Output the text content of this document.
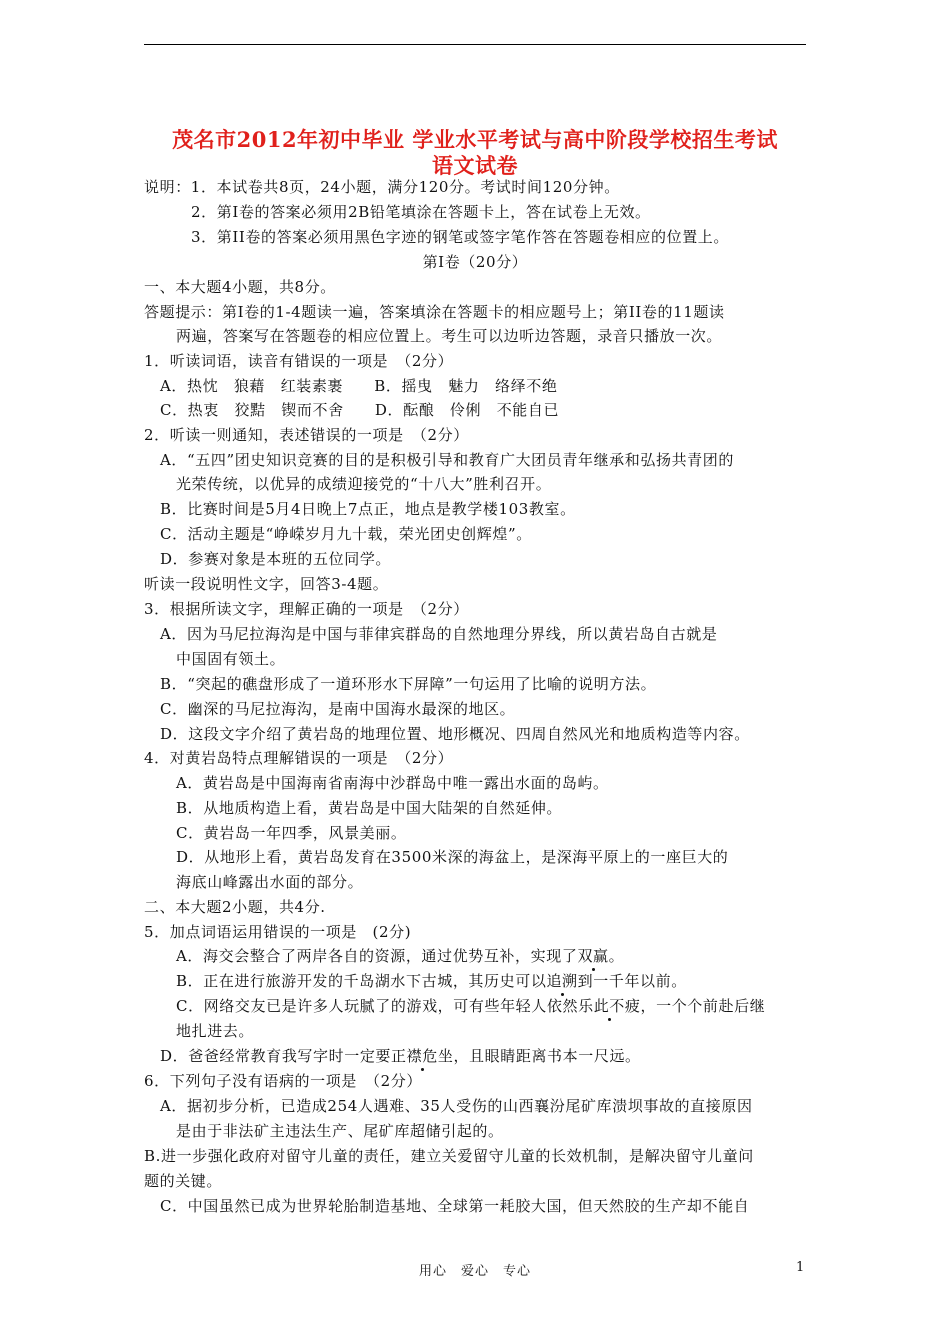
茂名市2012年初中毕业 学业水平考试与高中阶段学校招生考试
语文试卷
说明：1．本试卷共8页，24小题，满分120分。考试时间120分钟。
2．第Ⅰ卷的答案必须用2B铅笔填涂在答题卡上，答在试卷上无效。
3．第II卷的答案必须用黑色字迹的钢笔或签字笔作答在答题卷相应的位置上。
第Ⅰ卷（20分）
一、本大题4小题，共8分。
答题提示：第Ⅰ卷的1-4题读一遍，答案填涂在答题卡的相应题号上；第II卷的11题读
两遍，答案写在答题卷的相应位置上。考生可以边听边答题，录音只播放一次。
1．听读词语，读音有错误的一项是　（2分）
A．热忱　狼藉　红装素裹　　B．摇曳　魅力　络绎不绝
C．热衷　狡黠　锲而不舍　　D．酝酿　伶俐　不能自已
2．听读一则通知，表述错误的一项是　（2分）
A．“五四”团史知识竞赛的目的是积极引导和教育广大团员青年继承和弘扬共青团的
光荣传统，以优异的成绩迎接党的“十八大”胜利召开。
B．比赛时间是5月4日晚上7点正，地点是教学楼103教室。
C．活动主题是“峥嵘岁月九十载，荣光团史创辉煌”。
D．参赛对象是本班的五位同学。
听读一段说明性文字，回答3-4题。
3．根据所读文字，理解正确的一项是　（2分）
A．因为马尼拉海沟是中国与菲律宾群岛的自然地理分界线，所以黄岩岛自古就是
中国固有领土。
B．“突起的礁盘形成了一道环形水下屏障”一句运用了比喻的说明方法。
C．幽深的马尼拉海沟，是南中国海水最深的地区。
D．这段文字介绍了黄岩岛的地理位置、地形概况、四周自然风光和地质构造等内容。
4．对黄岩岛特点理解错误的一项是　（2分）
A．黄岩岛是中国海南省南海中沙群岛中唯一露出水面的岛屿。
B．从地质构造上看，黄岩岛是中国大陆架的自然延伸。
C．黄岩岛一年四季，风景美丽。
D．从地形上看，黄岩岛发育在3500米深的海盆上，是深海平原上的一座巨大的
海底山峰露出水面的部分。
二、本大题2小题，共4分.
5．加点词语运用错误的一项是　(2分)
A．海交会整合了两岸各自的资源，通过优势互补，实现了双赢。
B．正在进行旅游开发的千岛湖水下古城，其历史可以追溯到一千年以前。
C．网络交友已是许多人玩腻了的游戏，可有些年轻人依然乐此不疲，一个个前赴后继
地扎进去。
D．爸爸经常教育我写字时一定要正襟危坐，且眼睛距离书本一尺远。
6．下列句子没有语病的一项是　（2分）
A．据初步分析，已造成254人遇难、35人受伤的山西襄汾尾矿库溃坝事故的直接原因
是由于非法矿主违法生产、尾矿库超储引起的。
B.进一步强化政府对留守儿童的责任，建立关爱留守儿童的长效机制，是解决留守儿童问
题的关键。
C．中国虽然已成为世界轮胎制造基地、全球第一耗胶大国，但天然胶的生产却不能自
用心　爱心　专心	1
